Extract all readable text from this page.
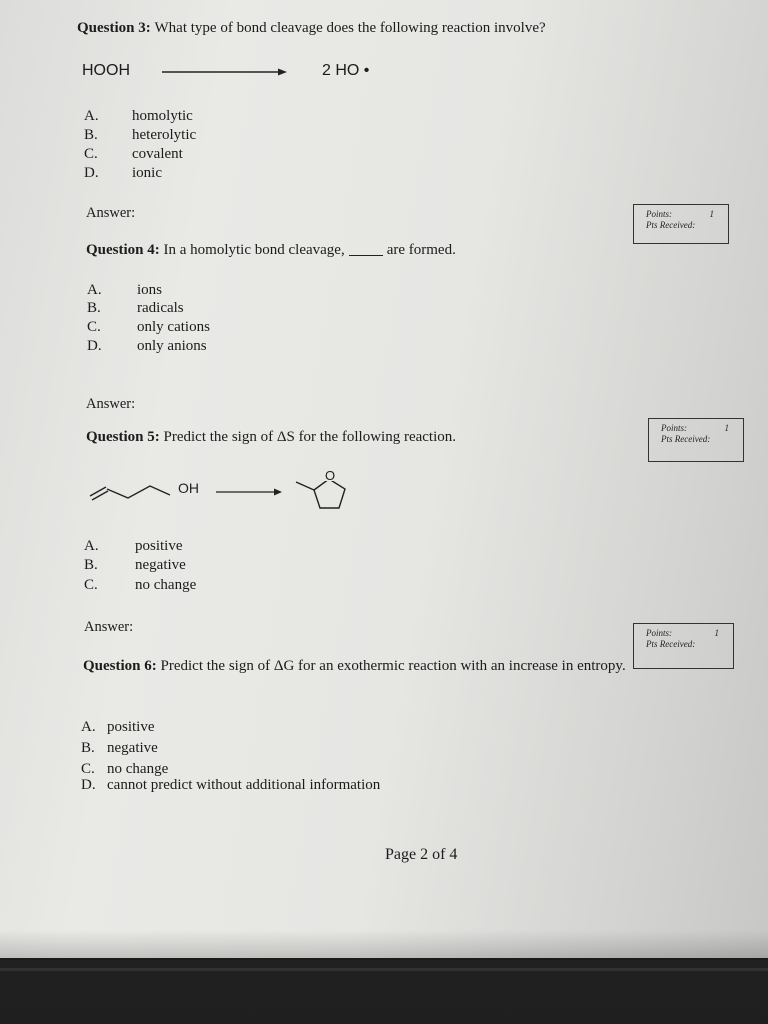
Question 3: What type of bond cleavage does the following reaction involve?
HOOH	2 HO •
A. homolytic
B. heterolytic
C. covalent
D. ionic
Answer:	Points:
Pts Received:
1
Question 4: In a homolytic bond cleavage,	are formed.
A. ions
B. radicals
C. only cations
D. only anions
Answer:
Points:
Pts Received:
1
Question 5: Predict the sign of ΔS for the following reaction.
OH
O
A. positive
B. negative
C. no change
Answer:	Points:
Pts Received:
1
Question 6: Predict the sign of ΔG for an exothermic reaction with an increase in entropy.
A. positive
B. negative
C. no change
D. cannot predict without additional information
Page 2 of 4
